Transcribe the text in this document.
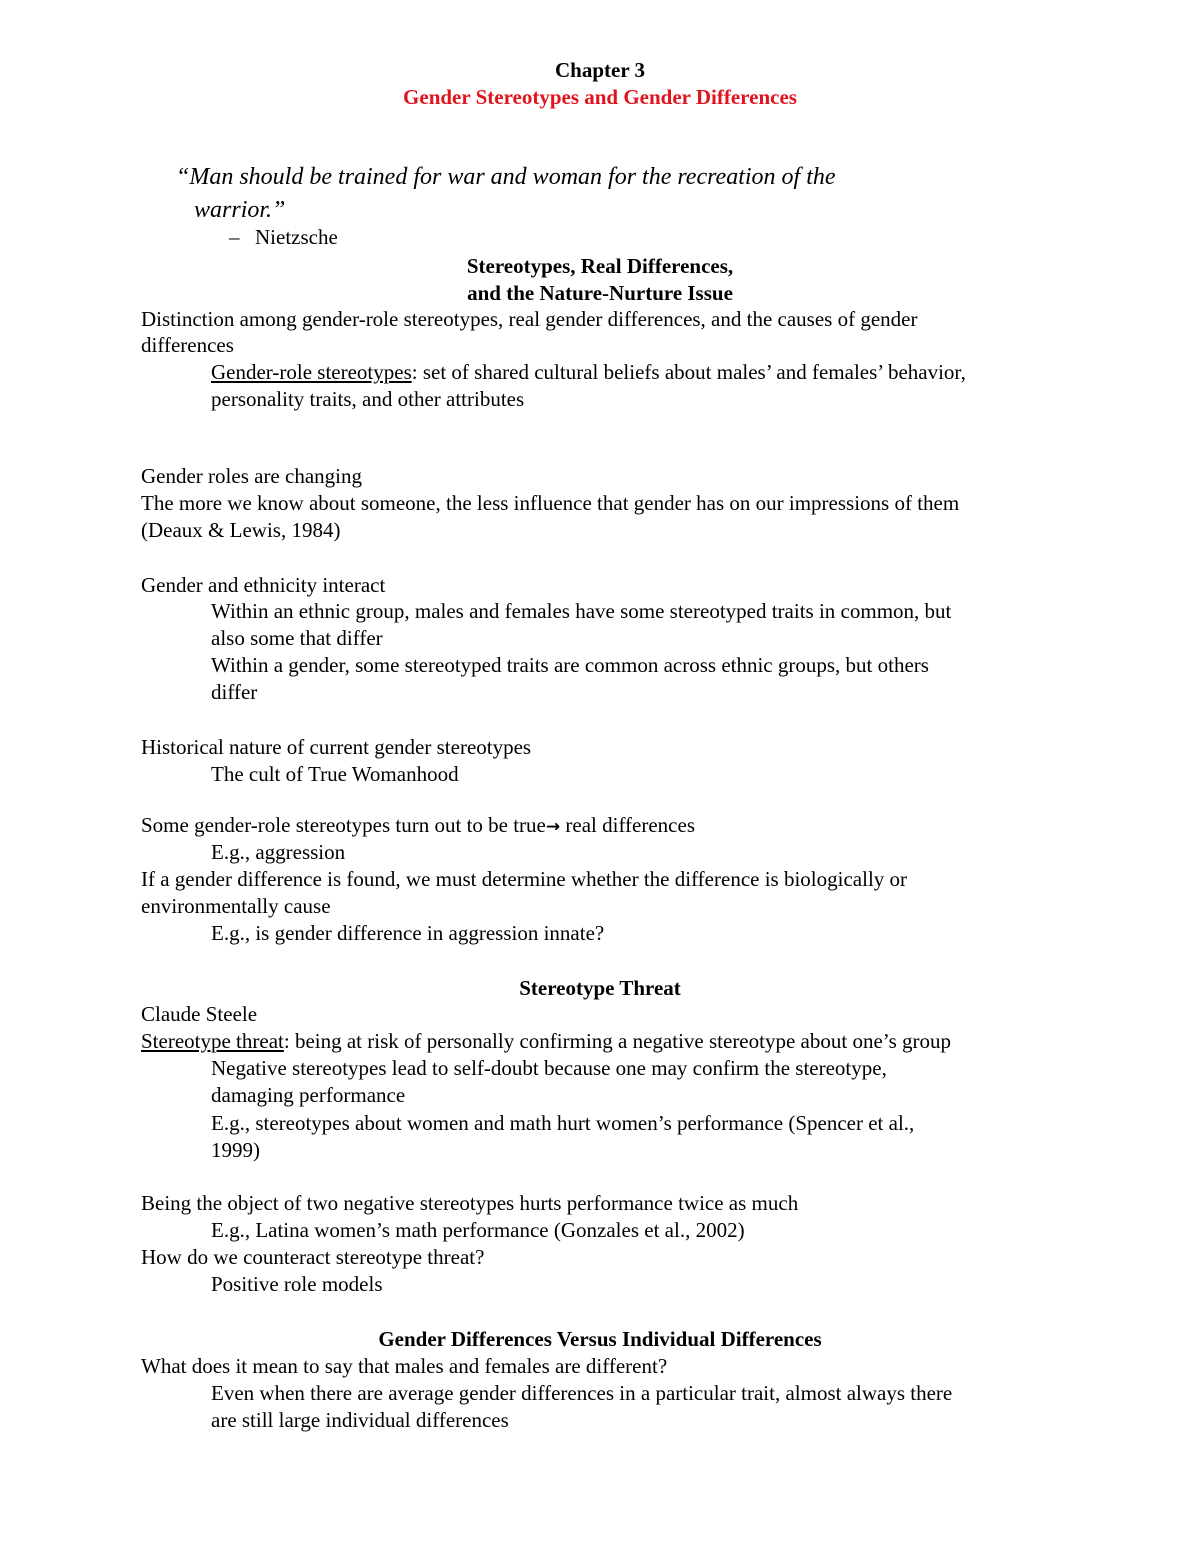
Chapter 3
Gender Stereotypes and Gender Differences
“Man should be trained for war and woman for the recreation of the
warrior.”
– Nietzsche
Stereotypes, Real Differences,
and the Nature-Nurture Issue
Distinction among gender-role stereotypes, real gender differences, and the causes of gender
differences
Gender-role stereotypes: set of shared cultural beliefs about males’ and females’ behavior,
personality traits, and other attributes
Gender roles are changing
The more we know about someone, the less influence that gender has on our impressions of them
(Deaux & Lewis, 1984)
Gender and ethnicity interact
Within an ethnic group, males and females have some stereotyped traits in common, but
also some that differ
Within a gender, some stereotyped traits are common across ethnic groups, but others
differ
Historical nature of current gender stereotypes
The cult of True Womanhood
Some gender-role stereotypes turn out to be true→ real differences
E.g., aggression
If a gender difference is found, we must determine whether the difference is biologically or
environmentally cause
E.g., is gender difference in aggression innate?
Stereotype Threat
Claude Steele
Stereotype threat: being at risk of personally confirming a negative stereotype about one’s group
Negative stereotypes lead to self-doubt because one may confirm the stereotype,
damaging performance
E.g., stereotypes about women and math hurt women’s performance (Spencer et al.,
1999)
Being the object of two negative stereotypes hurts performance twice as much
E.g., Latina women’s math performance (Gonzales et al., 2002)
How do we counteract stereotype threat?
Positive role models
Gender Differences Versus Individual Differences
What does it mean to say that males and females are different?
Even when there are average gender differences in a particular trait, almost always there
are still large individual differences
